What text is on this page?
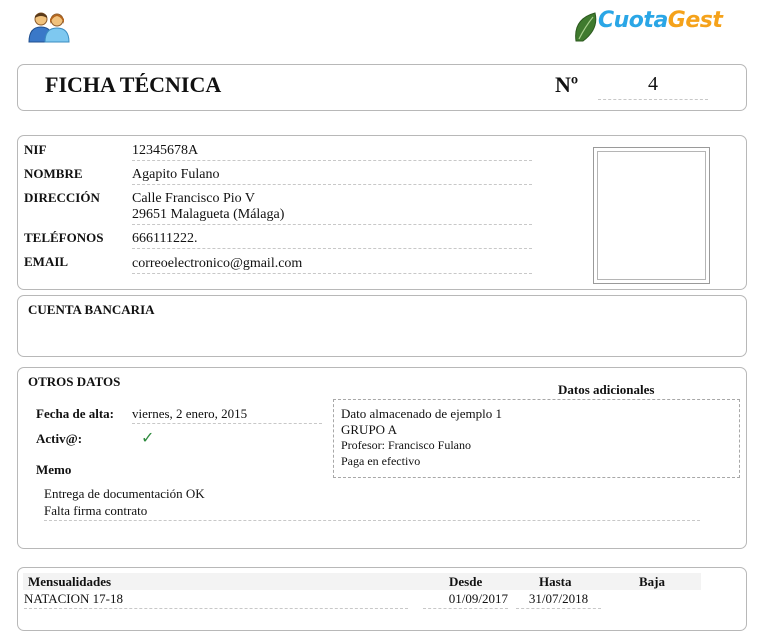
CuotaGest
FICHA TÉCNICA	Nº	4
NIF	12345678A
NOMBRE	Agapito Fulano
DIRECCIÓN Calle Francisco Pio V
29651 Malagueta (Málaga)
TELÉFONOS 666111222.
EMAIL	correoelectronico@gmail.com
CUENTA BANCARIA
OTROS DATOS
Fecha de alta: viernes, 2 enero, 2015
Activ@:	✓
Memo
Entrega de documentación OK
Falta firma contrato
Datos adicionales
Dato almacenado de ejemplo 1
GRUPO A
Profesor: Francisco Fulano
Paga en efectivo
Mensualidades	Desde	Hasta	Baja
NATACION 17-18	01/09/2017	31/07/2018
